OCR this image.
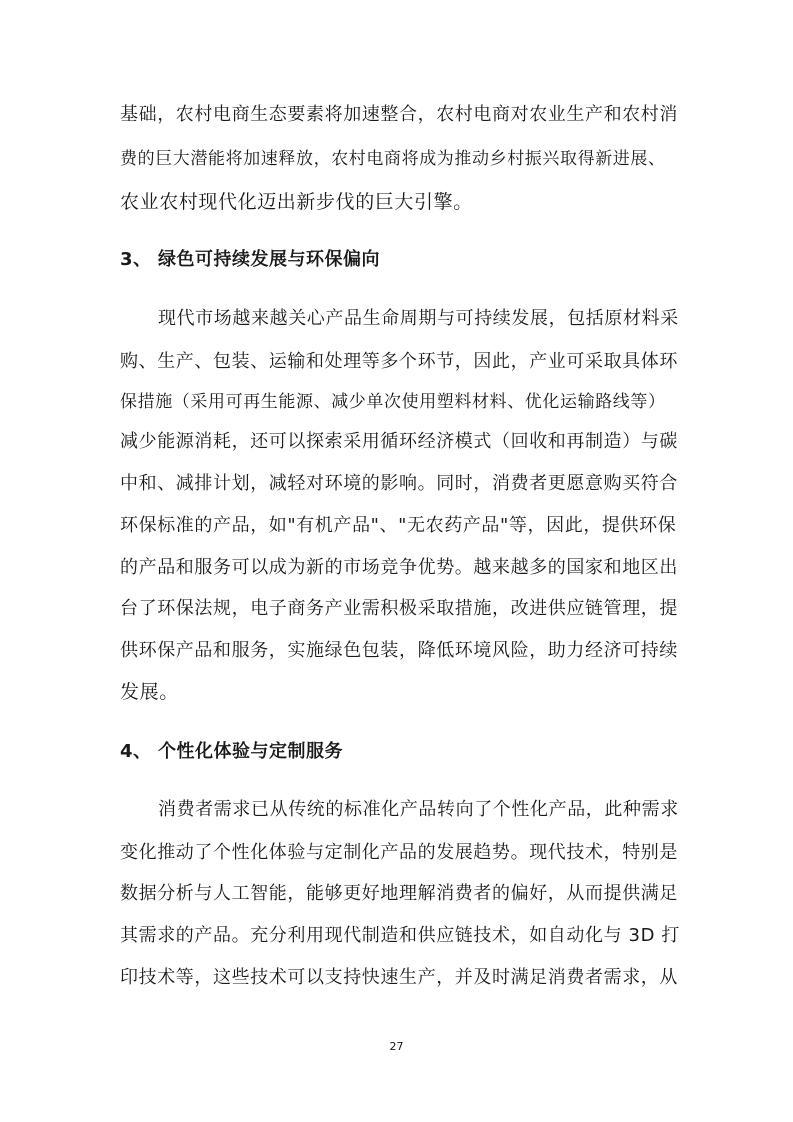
基础，农村电商生态要素将加速整合，农村电商对农业生产和农村消
费的巨大潜能将加速释放，农村电商将成为推动乡村振兴取得新进展、
农业农村现代化迈出新步伐的巨大引擎。
3、 绿色可持续发展与环保偏向
现代市场越来越关心产品生命周期与可持续发展，包括原材料采
购、生产、包装、运输和处理等多个环节，因此，产业可采取具体环
保措施（采用可再生能源、减少单次使用塑料材料、优化运输路线等）
减少能源消耗，还可以探索采用循环经济模式（回收和再制造）与碳
中和、减排计划，减轻对环境的影响。同时，消费者更愿意购买符合
环保标准的产品，如"有机产品"、"无农药产品"等，因此，提供环保
的产品和服务可以成为新的市场竞争优势。越来越多的国家和地区出
台了环保法规，电子商务产业需积极采取措施，改进供应链管理，提
供环保产品和服务，实施绿色包装，降低环境风险，助力经济可持续
发展。
4、 个性化体验与定制服务
消费者需求已从传统的标准化产品转向了个性化产品，此种需求
变化推动了个性化体验与定制化产品的发展趋势。现代技术，特别是
数据分析与人工智能，能够更好地理解消费者的偏好，从而提供满足
其需求的产品。充分利用现代制造和供应链技术，如自动化与 3D 打
印技术等，这些技术可以支持快速生产，并及时满足消费者需求，从
27
